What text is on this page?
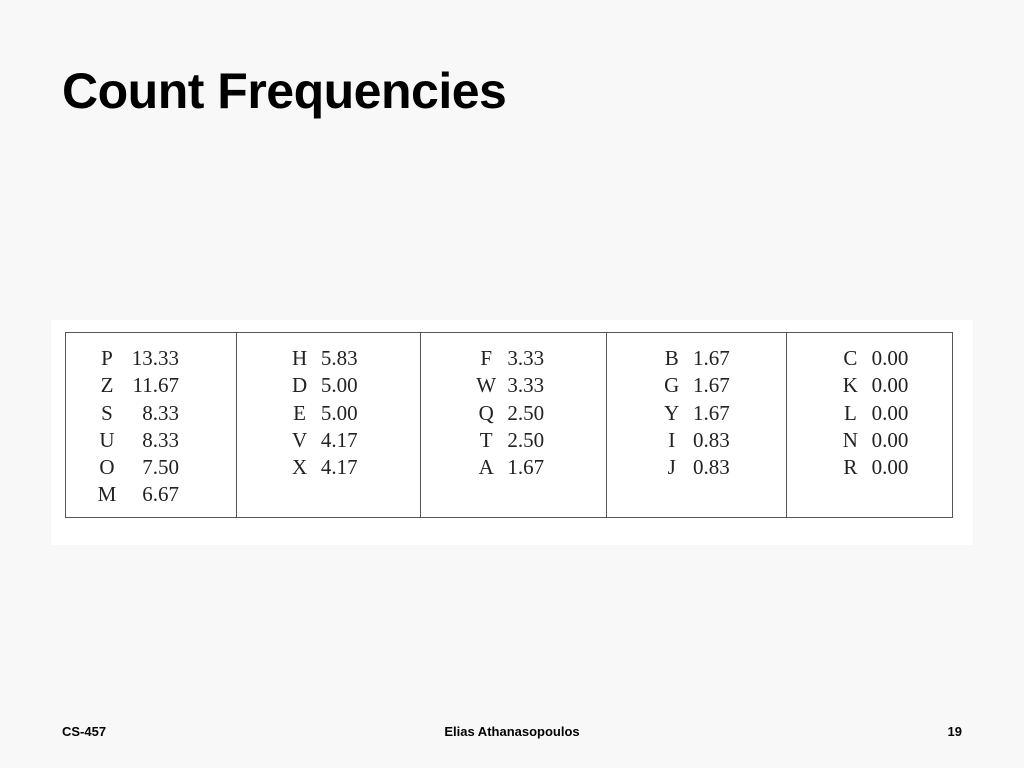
Count Frequencies
P 13.33
Z 11.67
S	8.33
U	8.33
O	7.50
M	6.67
H 5.83
D 5.00
E 5.00
V 4.17
X 4.17
F 3.33
W 3.33
Q 2.50
T 2.50
A 1.67
B 1.67
G 1.67
Y 1.67
I 0.83
J 0.83
C 0.00
K 0.00
L 0.00
N 0.00
R 0.00
CS-457	Elias Athanasopoulos	19
